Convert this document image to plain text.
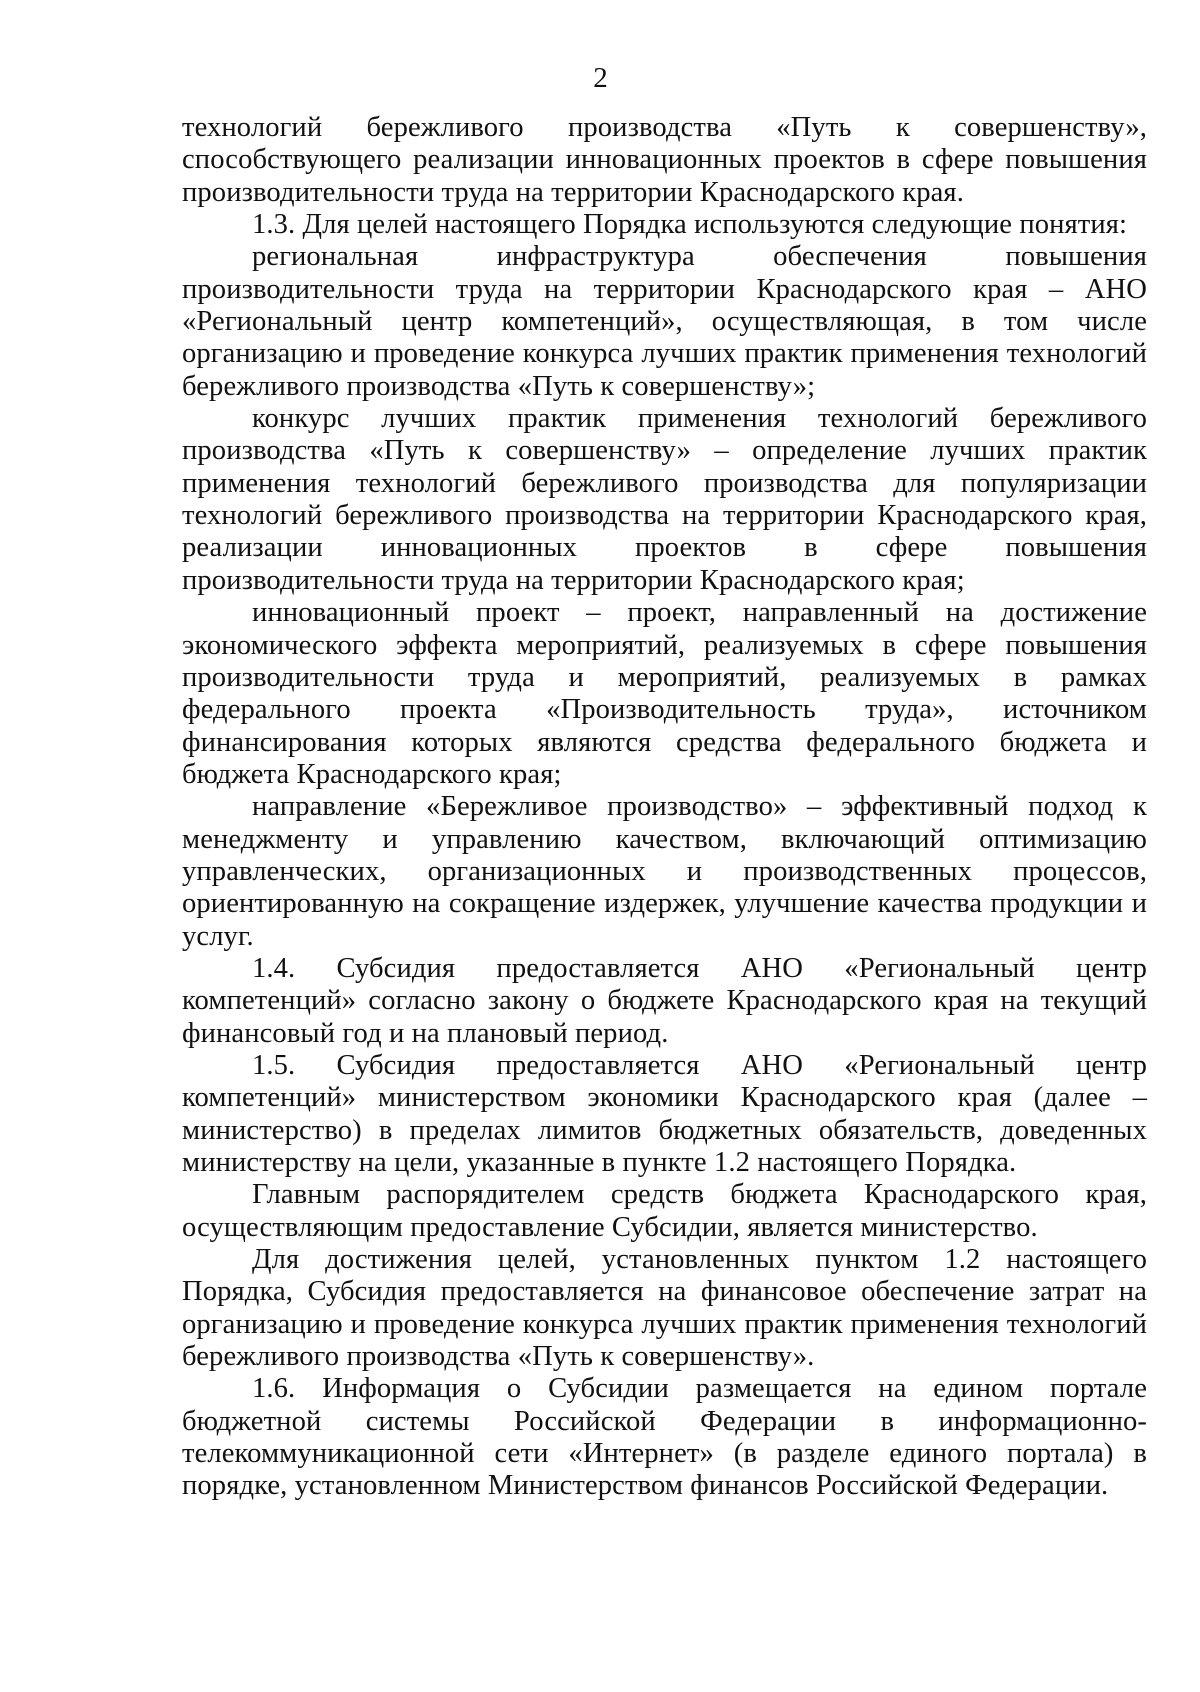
2

технологий бережливого производства «Путь к совершенству», способствующего реализации инновационных проектов в сфере повышения производительности труда на территории Краснодарского края.

1.3. Для целей настоящего Порядка используются следующие понятия:

региональная инфраструктура обеспечения повышения производительности труда на территории Краснодарского края – АНО «Региональный центр компетенций», осуществляющая, в том числе организацию и проведение конкурса лучших практик применения технологий бережливого производства «Путь к совершенству»;

конкурс лучших практик применения технологий бережливого производства «Путь к совершенству» – определение лучших практик применения технологий бережливого производства для популяризации технологий бережливого производства на территории Краснодарского края, реализации инновационных проектов в сфере повышения производительности труда на территории Краснодарского края;

инновационный проект – проект, направленный на достижение экономического эффекта мероприятий, реализуемых в сфере повышения производительности труда и мероприятий, реализуемых в рамках федерального проекта «Производительность труда», источником финансирования которых являются средства федерального бюджета и бюджета Краснодарского края;

направление «Бережливое производство» – эффективный подход к менеджменту и управлению качеством, включающий оптимизацию управленческих, организационных и производственных процессов, ориентированную на сокращение издержек, улучшение качества продукции и услуг.

1.4. Субсидия предоставляется АНО «Региональный центр компетенций» согласно закону о бюджете Краснодарского края на текущий финансовый год и на плановый период.

1.5. Субсидия предоставляется АНО «Региональный центр компетенций» министерством экономики Краснодарского края (далее – министерство) в пределах лимитов бюджетных обязательств, доведенных министерству на цели, указанные в пункте 1.2 настоящего Порядка.

Главным распорядителем средств бюджета Краснодарского края, осуществляющим предоставление Субсидии, является министерство.

Для достижения целей, установленных пунктом 1.2 настоящего Порядка, Субсидия предоставляется на финансовое обеспечение затрат на организацию и проведение конкурса лучших практик применения технологий бережливого производства «Путь к совершенству».

1.6. Информация о Субсидии размещается на едином портале бюджетной системы Российской Федерации в информационно-телекоммуникационной сети «Интернет» (в разделе единого портала) в порядке, установленном Министерством финансов Российской Федерации.
